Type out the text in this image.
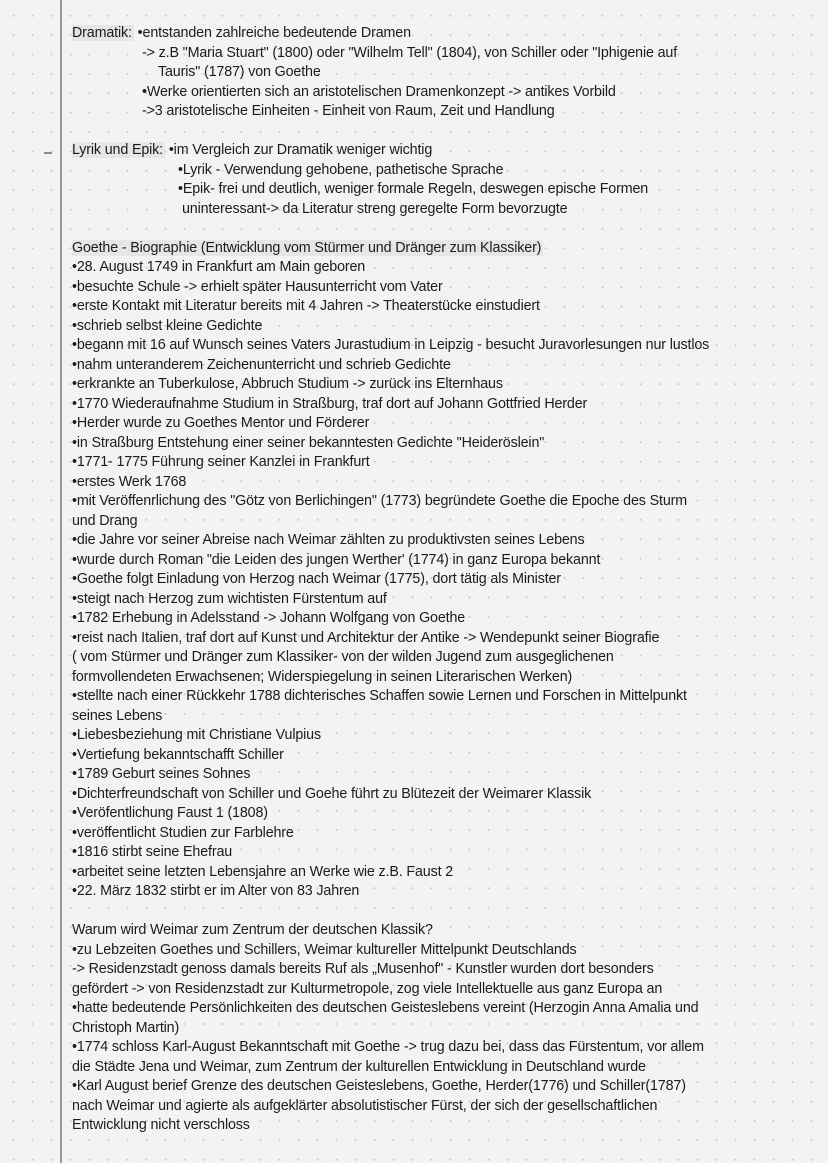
Dramatik: •entstanden zahlreiche bedeutende Dramen
-> z.B "Maria Stuart" (1800) oder "Wilhelm Tell" (1804), von Schiller oder "Iphigenie auf
Tauris" (1787) von Goethe
•Werke orientierten sich an aristotelischen Dramenkonzept -> antikes Vorbild
->3 aristotelische Einheiten - Einheit von Raum, Zeit und Handlung
Lyrik und Epik: •im Vergleich zur Dramatik weniger wichtig
•Lyrik - Verwendung gehobene, pathetische Sprache
•Epik- frei und deutlich, weniger formale Regeln, deswegen epische Formen
uninteressant-> da Literatur streng geregelte Form bevorzugte
Goethe - Biographie (Entwicklung vom Stürmer und Dränger zum Klassiker)
•28. August 1749 in Frankfurt am Main geboren
•besuchte Schule -> erhielt später Hausunterricht vom Vater
•erste Kontakt mit Literatur bereits mit 4 Jahren -> Theaterstücke einstudiert
•schrieb selbst kleine Gedichte
•begann mit 16 auf Wunsch seines Vaters Jurastudium in Leipzig - besucht Juravorlesungen nur lustlos
•nahm unteranderem Zeichenunterricht und schrieb Gedichte
•erkrankte an Tuberkulose, Abbruch Studium -> zurück ins Elternhaus
•1770 Wiederaufnahme Studium in Straßburg, traf dort auf Johann Gottfried Herder
•Herder wurde zu Goethes Mentor und Förderer
•in Straßburg Entstehung einer seiner bekanntesten Gedichte "Heideröslein"
•1771- 1775 Führung seiner Kanzlei in Frankfurt
•erstes Werk 1768
•mit Veröffenrlichung des "Götz von Berlichingen" (1773) begründete Goethe die Epoche des Sturm
und Drang
•die Jahre vor seiner Abreise nach Weimar zählten zu produktivsten seines Lebens
•wurde durch Roman "die Leiden des jungen Werther' (1774) in ganz Europa bekannt
•Goethe folgt Einladung von Herzog nach Weimar (1775), dort tätig als Minister
•steigt nach Herzog zum wichtisten Fürstentum auf
•1782 Erhebung in Adelsstand -> Johann Wolfgang von Goethe
•reist nach Italien, traf dort auf Kunst und Architektur der Antike -> Wendepunkt seiner Biografie
( vom Stürmer und Dränger zum Klassiker- von der wilden Jugend zum ausgeglichenen
formvollendeten Erwachsenen; Widerspiegelung in seinen Literarischen Werken)
•stellte nach einer Rückkehr 1788 dichterisches Schaffen sowie Lernen und Forschen in Mittelpunkt
seines Lebens
•Liebesbeziehung mit Christiane Vulpius
•Vertiefung bekanntschafft Schiller
•1789 Geburt seines Sohnes
•Dichterfreundschaft von Schiller und Goehe führt zu Blütezeit der Weimarer Klassik
•Veröfentlichung Faust 1 (1808)
•veröffentlicht Studien zur Farblehre
•1816 stirbt seine Ehefrau
•arbeitet seine letzten Lebensjahre an Werke wie z.B. Faust 2
•22. März 1832 stirbt er im Alter von 83 Jahren
Warum wird Weimar zum Zentrum der deutschen Klassik?
•zu Lebzeiten Goethes und Schillers, Weimar kultureller Mittelpunkt Deutschlands
-> Residenzstadt genoss damals bereits Ruf als „Musenhof" - Kunstler wurden dort besonders
gefördert -> von Residenzstadt zur Kulturmetropole, zog viele Intellektuelle aus ganz Europa an
•hatte bedeutende Persönlichkeiten des deutschen Geisteslebens vereint (Herzogin Anna Amalia und
Christoph Martin)
•1774 schloss Karl-August Bekanntschaft mit Goethe -> trug dazu bei, dass das Fürstentum, vor allem
die Städte Jena und Weimar, zum Zentrum der kulturellen Entwicklung in Deutschland wurde
•Karl August berief Grenze des deutschen Geisteslebens, Goethe, Herder(1776) und Schiller(1787)
nach Weimar und agierte als aufgeklärter absolutistischer Fürst, der sich der gesellschaftlichen
Entwicklung nicht verschloss
